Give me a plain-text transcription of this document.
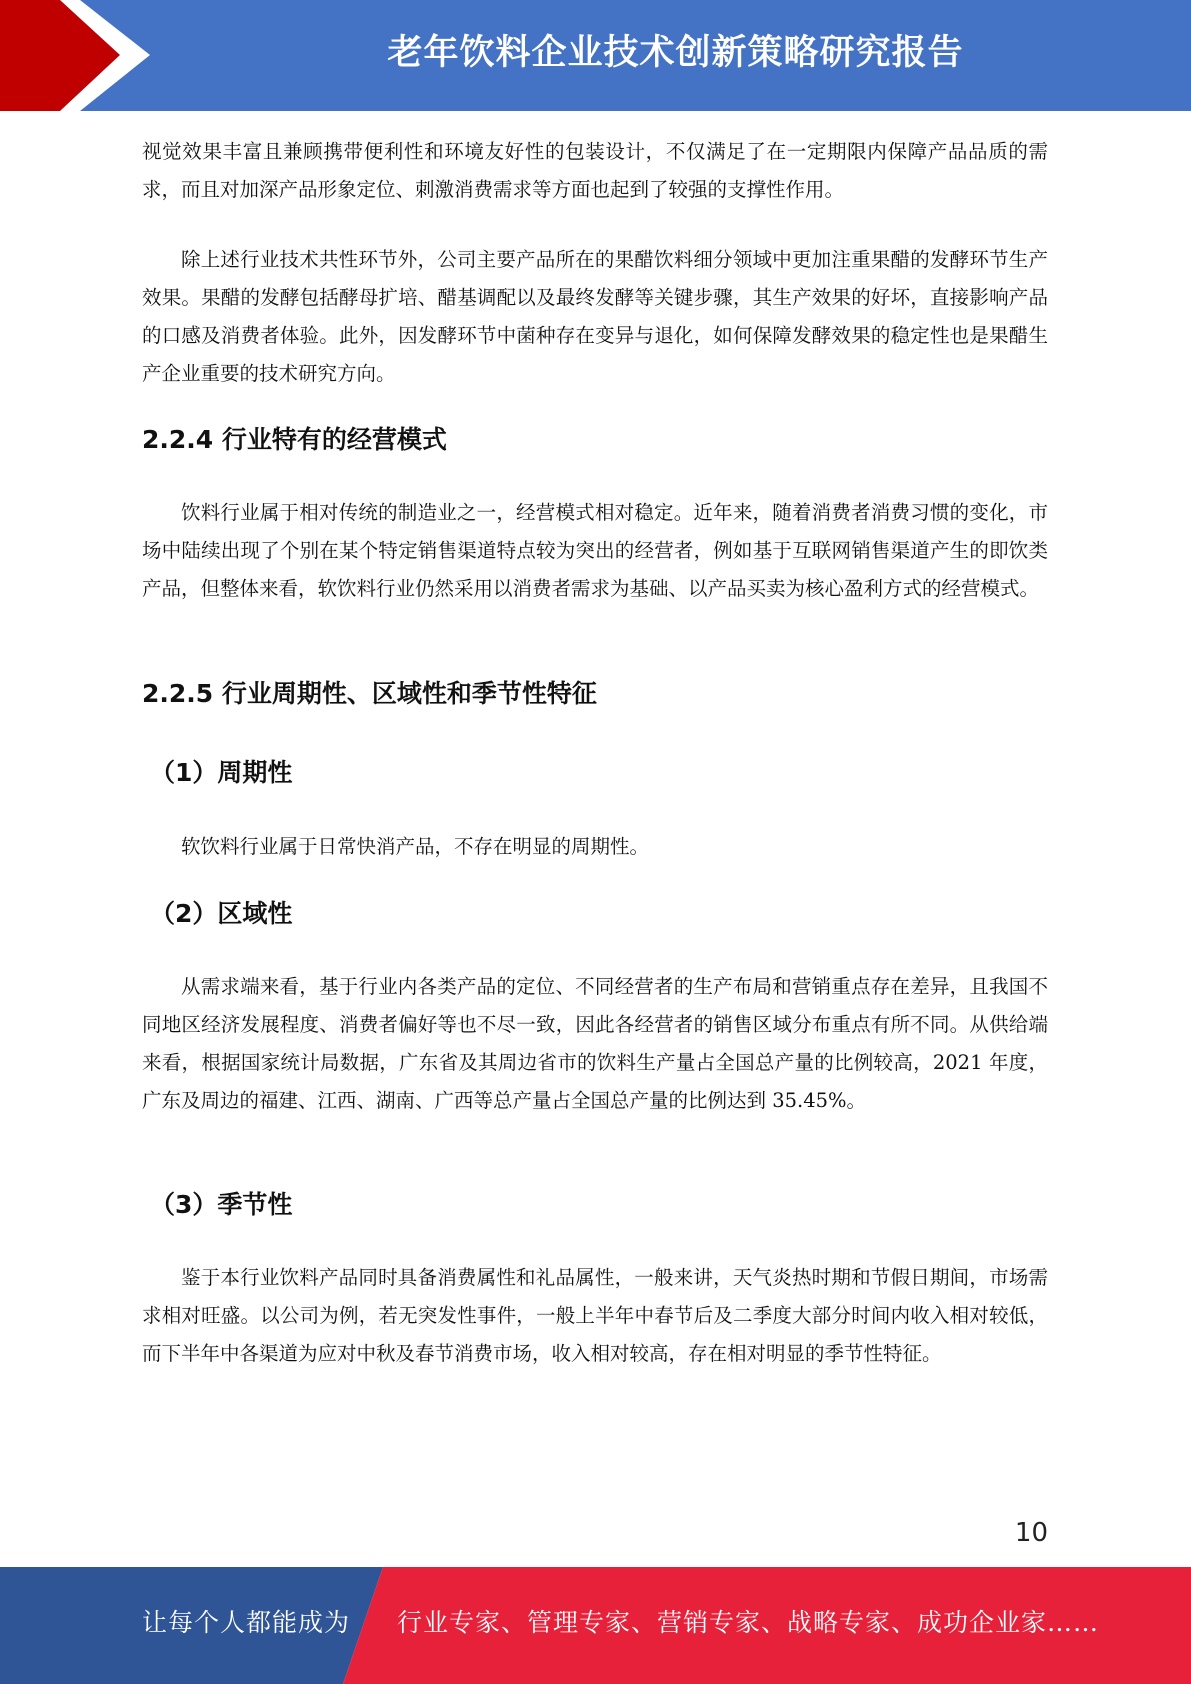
老年饮料企业技术创新策略研究报告

视觉效果丰富且兼顾携带便利性和环境友好性的包装设计，不仅满足了在一定期限内保障产品品质的需求，而且对加深产品形象定位、刺激消费需求等方面也起到了较强的支撑性作用。

除上述行业技术共性环节外，公司主要产品所在的果醋饮料细分领域中更加注重果醋的发酵环节生产效果。果醋的发酵包括酵母扩培、醋基调配以及最终发酵等关键步骤，其生产效果的好坏，直接影响产品的口感及消费者体验。此外，因发酵环节中菌种存在变异与退化，如何保障发酵效果的稳定性也是果醋生产企业重要的技术研究方向。

2.2.4 行业特有的经营模式

饮料行业属于相对传统的制造业之一，经营模式相对稳定。近年来，随着消费者消费习惯的变化，市场中陆续出现了个别在某个特定销售渠道特点较为突出的经营者，例如基于互联网销售渠道产生的即饮类产品，但整体来看，软饮料行业仍然采用以消费者需求为基础、以产品买卖为核心盈利方式的经营模式。

2.2.5 行业周期性、区域性和季节性特征
（1）周期性

软饮料行业属于日常快消产品，不存在明显的周期性。

（2）区域性

从需求端来看，基于行业内各类产品的定位、不同经营者的生产布局和营销重点存在差异，且我国不同地区经济发展程度、消费者偏好等也不尽一致，因此各经营者的销售区域分布重点有所不同。从供给端来看，根据国家统计局数据，广东省及其周边省市的饮料生产量占全国总产量的比例较高，2021 年度，广东及周边的福建、江西、湖南、广西等总产量占全国总产量的比例达到 35.45%。

（3）季节性

鉴于本行业饮料产品同时具备消费属性和礼品属性，一般来讲，天气炎热时期和节假日期间，市场需求相对旺盛。以公司为例，若无突发性事件，一般上半年中春节后及二季度大部分时间内收入相对较低，而下半年中各渠道为应对中秋及春节消费市场，收入相对较高，存在相对明显的季节性特征。

10
让每个人都能成为 行业专家、管理专家、营销专家、战略专家、成功企业家……
